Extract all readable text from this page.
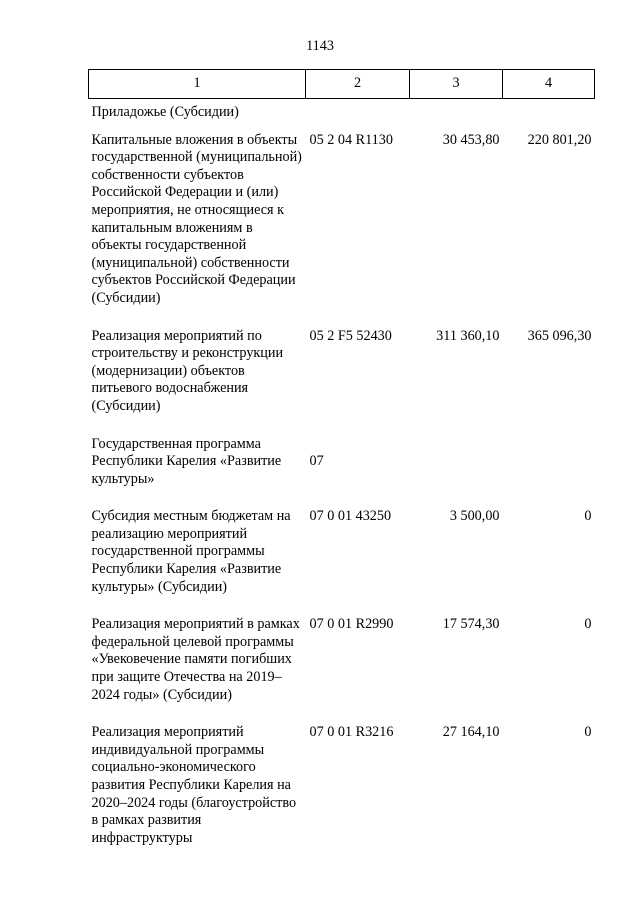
1143
1	2	3	4
Приладожье (Субсидии)			
Капитальные вложения в объекты государственной (муниципальной) собственности субъектов Российской Федерации и (или) мероприятия, не относящиеся к капитальным вложениям в объекты государственной (муниципальной) собственности субъектов Российской Федерации (Субсидии)	05 2 04 R1130	30 453,80	220 801,20
Реализация мероприятий по строительству и реконструкции (модернизации) объектов питьевого водоснабжения (Субсидии)	05 2 F5 52430	311 360,10	365 096,30
Государственная программа Республики Карелия «Развитие культуры»	07		
Субсидия местным бюджетам на реализацию мероприятий государственной программы Республики Карелия «Развитие культуры» (Субсидии)	07 0 01 43250	3 500,00	0
Реализация мероприятий в рамках федеральной целевой программы «Увековечение памяти погибших при защите Отечества на 2019–2024 годы» (Субсидии)	07 0 01 R2990	17 574,30	0
Реализация мероприятий индивидуальной программы социально-экономического развития Республики Карелия на 2020–2024 годы (благоустройство в рамках развития инфраструктуры	07 0 01 R3216	27 164,10	0
